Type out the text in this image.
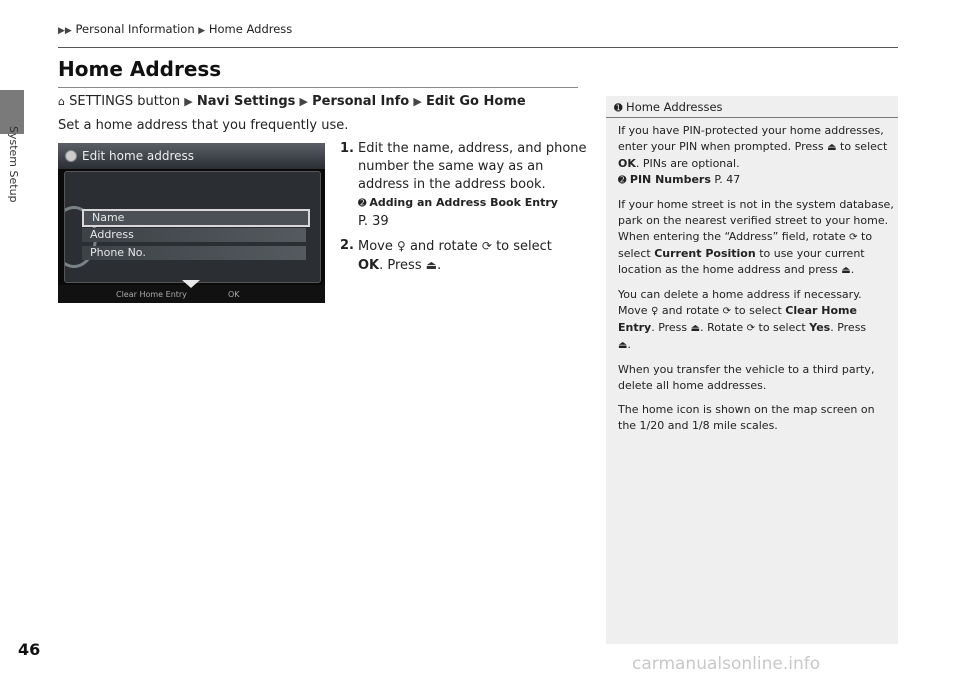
System Setup
▶▶ Personal Information ▶ Home Address
Home Address
⌂ SETTINGS button ▶ Navi Settings ▶ Personal Info ▶ Edit Go Home
Set a home address that you frequently use.
Edit home address
Name
Address
Phone No.
Clear Home Entry	OK
1. Edit the name, address, and phone number the same way as an address in the address book.
➋ Adding an Address Book Entry
P. 39
2. Move ♀ and rotate ⟳ to select
OK. Press ⏏.
➊ Home Addresses

If you have PIN-protected your home addresses, enter your PIN when prompted. Press ⏏ to select OK. PINs are optional.
➋ PIN Numbers P. 47

If your home street is not in the system database, park on the nearest verified street to your home. When entering the “Address” field, rotate ⟳ to select Current Position to use your current location as the home address and press ⏏.

You can delete a home address if necessary. Move ♀ and rotate ⟳ to select Clear Home Entry. Press ⏏. Rotate ⟳ to select Yes. Press
⏏.

When you transfer the vehicle to a third party, delete all home addresses.

The home icon is shown on the map screen on the 1/20 and 1/8 mile scales.

46
carmanualsonline.info
